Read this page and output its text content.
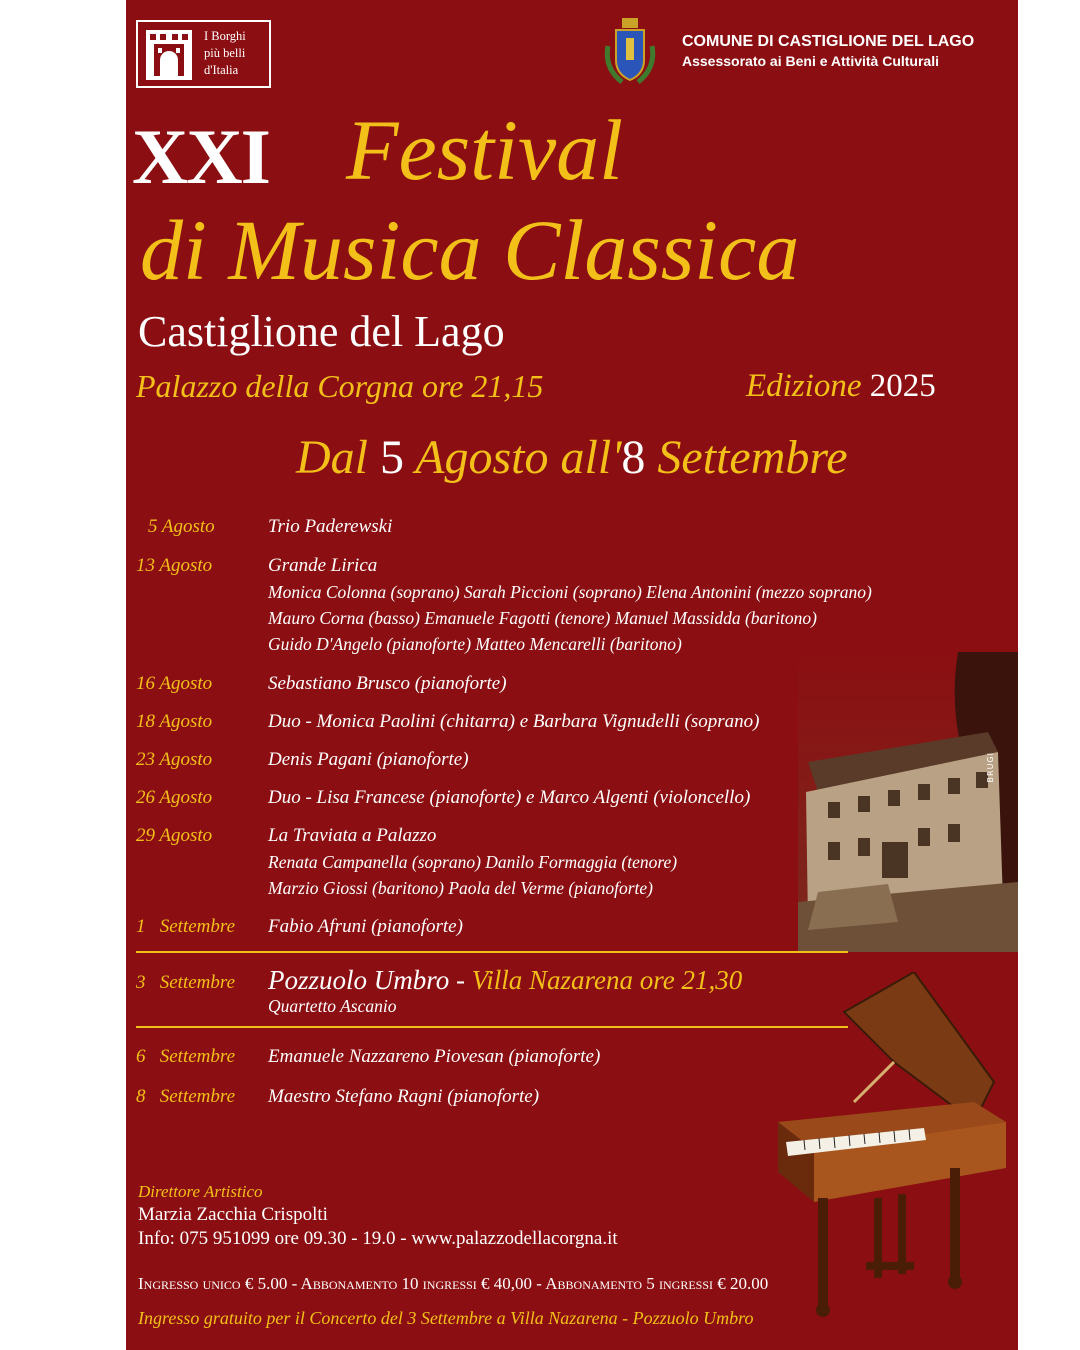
I Borghi
più belli
d'Italia
COMUNE DI CASTIGLIONE DEL LAGO
Assessorato ai Beni e Attività Culturali
XXI Festival
di Musica Classica
Castiglione del Lago
Palazzo della Corgna ore 21,15	Edizione 2025
Dal 5 Agosto all'8 Settembre
BRUGI
5 Agosto	Trio Paderewski
13 Agosto	Grande Lirica
Monica Colonna (soprano) Sarah Piccioni (soprano) Elena Antonini (mezzo soprano)
Mauro Corna (basso) Emanuele Fagotti (tenore) Manuel Massidda (baritono)
Guido D'Angelo (pianoforte) Matteo Mencarelli (baritono)
16 Agosto	Sebastiano Brusco (pianoforte)
18 Agosto	Duo - Monica Paolini (chitarra) e Barbara Vignudelli (soprano)
23 Agosto	Denis Pagani (pianoforte)
26 Agosto	Duo - Lisa Francese (pianoforte) e Marco Algenti (violoncello)
29 Agosto	La Traviata a Palazzo
Renata Campanella (soprano) Danilo Formaggia (tenore)
Marzio Giossi (baritono) Paola del Verme (pianoforte)
1 Settembre	Fabio Afruni (pianoforte)
3 Settembre	Pozzuolo Umbro - Villa Nazarena ore 21,30
Quartetto Ascanio
6 Settembre	Emanuele Nazzareno Piovesan (pianoforte)
8 Settembre	Maestro Stefano Ragni (pianoforte)
Direttore Artistico
Marzia Zacchia Crispolti
Info: 075 951099 ore 09.30 - 19.0 - www.palazzodellacorgna.it
Ingresso unico € 5.00 - Abbonamento 10 ingressi € 40,00 - Abbonamento 5 ingressi € 20.00
Ingresso gratuito per il Concerto del 3 Settembre a Villa Nazarena - Pozzuolo Umbro
